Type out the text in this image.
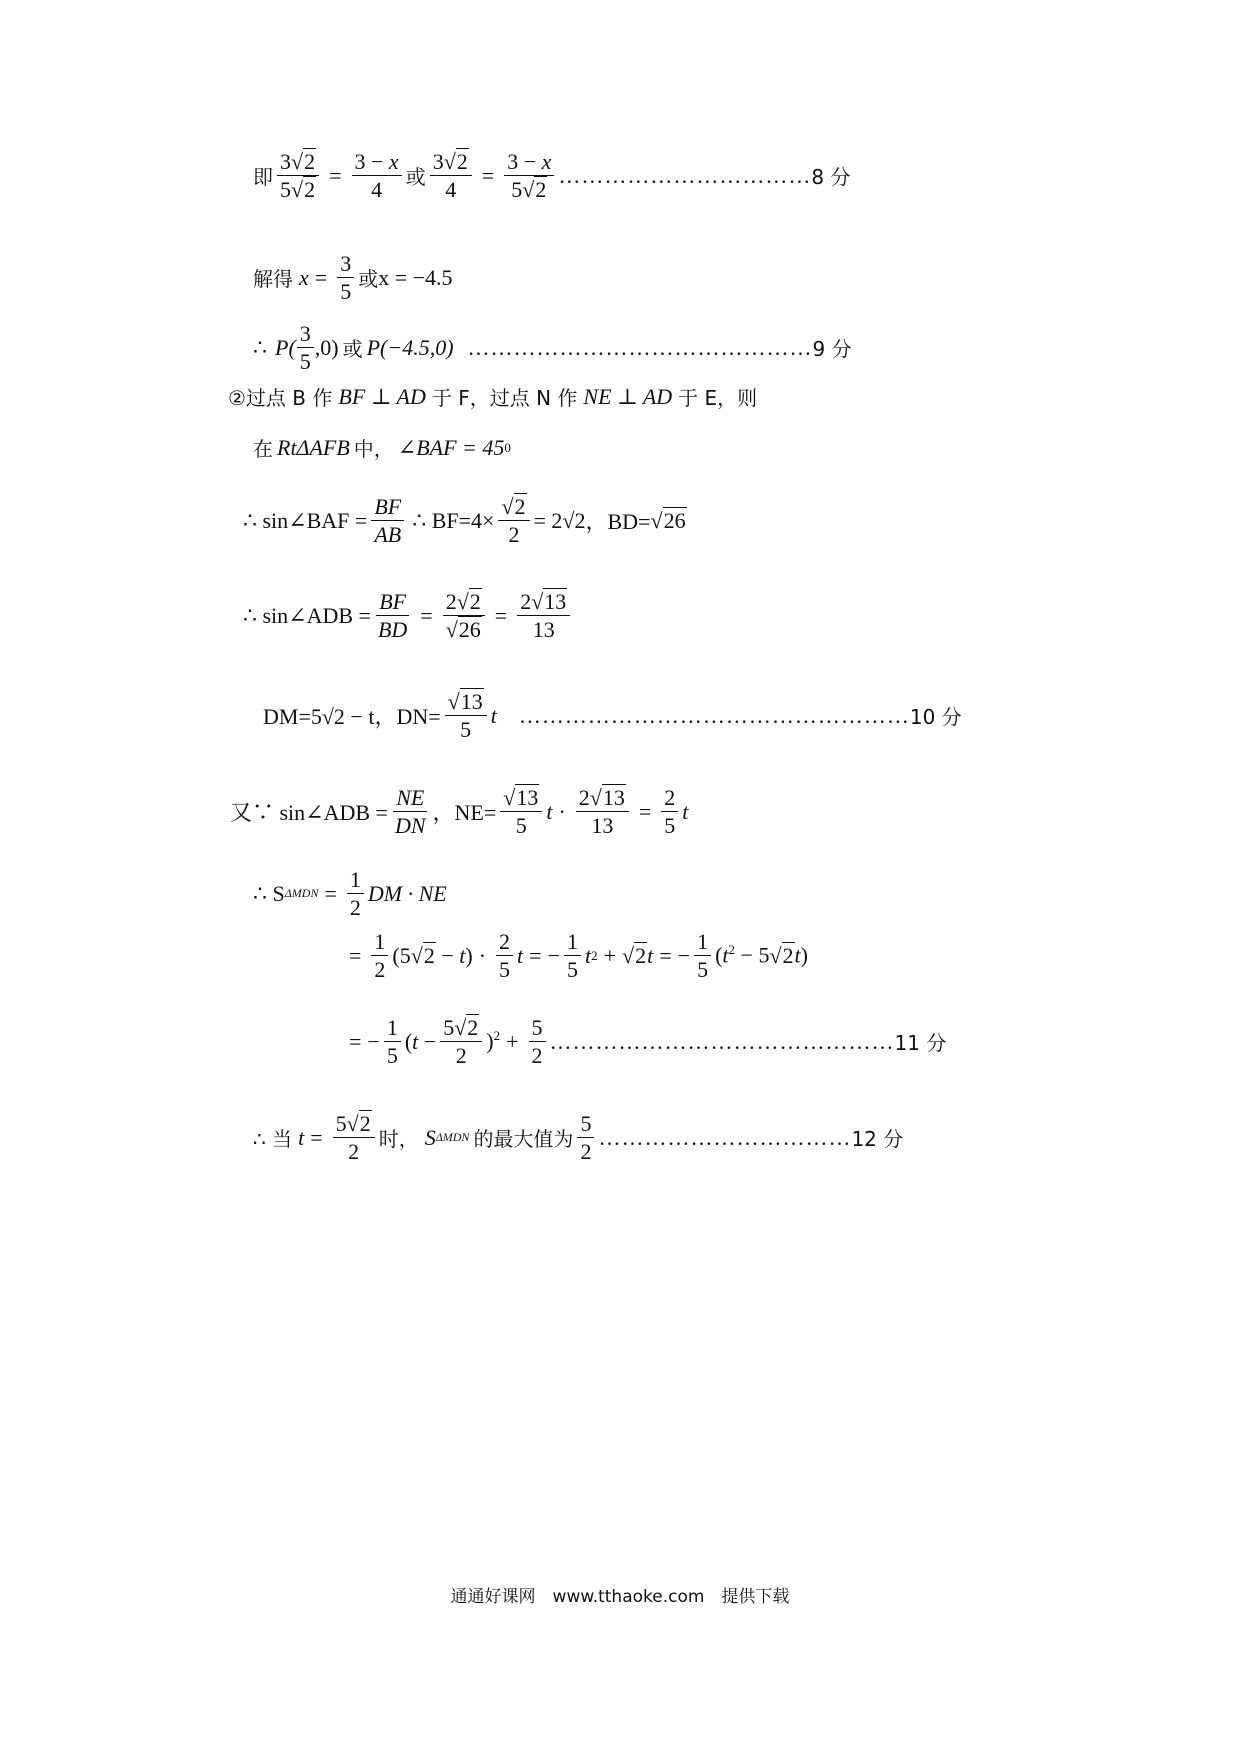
即 $\frac{3√ 2}{5√ 2} = \frac{3 - x}{4}$ 或 $\frac{3√ 2}{4} = \frac{3 - x}{5√ 2}$ …………………………… 8 分
解得 $x = \frac{3}{5}$ 或 x = −4.5
∴ $P( \frac{3}{5} ,0)$ 或 P(−4.5,0) ……………………………………… 9 分
②过点 B 作 BF ⊥ AD 于 F，过点 N 作 NE ⊥ AD 于 E，则
在 RtΔAFB 中， ∠BAF = 45 0
∴ sin∠BAF = $\frac{BF}{AB}$ ∴ BF=4×
√ $\frac{2}{2} = 2√2$ ，BD=
√ 26
∴ sin∠ADB = $\frac{BF}{BD} = 2√$ 2
√ $26 = \frac{2√ 13}{13}$
DM=5√2 − t，DN=
√ $\frac{13}{5}$ t …………………………………………… 10 分
又∵ sin∠ADB = $\frac{NE}{DN}$ ，NE=
√ $\frac{13}{5}$ $t \cdot \frac{2√ 13}{13} = \frac{2}{5}$ t
∴ S $\Delta MDN = \frac{1}{2}$ DM · NE
= $\frac{1}{2} (5√$ $2 - t) \cdot \frac{2}{5}$ t = − $\frac{1}{5}$ t 2 +
√ 2 t = − $\frac{1}{5} (t^2 - 5√$ 2t)
= − $\frac{1}{5} (t - \frac{5√ 2}{2} )^2 + \frac{5}{2}$ ……………………………………… 11 分
∴ 当 $t = \frac{5√ 2}{2}$ 时， S ΔMDN 的最大值为 $\frac{5}{2}$ …………………………… 12 分
通通好课网　www.tthaoke.com　提供下载
